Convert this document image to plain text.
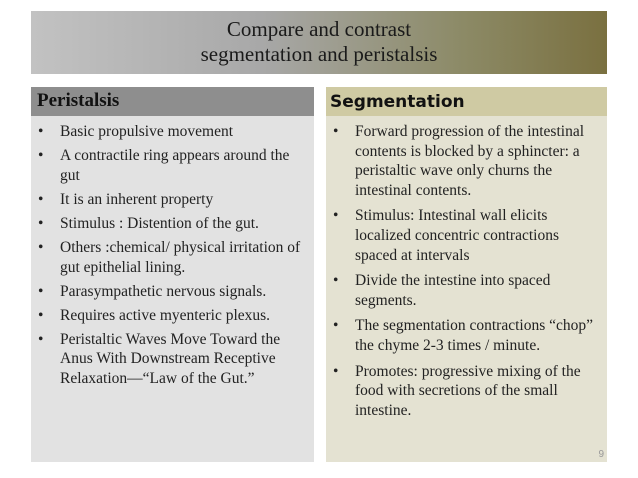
Compare and contrast
segmentation and peristalsis
Peristalsis	Segmentation
• Basic propulsive movement
• A contractile ring appears around the gut
• It is an inherent property
• Stimulus : Distention of the gut.
• Others :chemical/ physical irritation of gut epithelial lining.
• Parasympathetic nervous signals.
• Requires active myenteric plexus.
• Peristaltic Waves Move Toward the Anus With Downstream Receptive Relaxation—“Law of the Gut.”
• Forward progression of the intestinal contents is blocked by a sphincter: a peristaltic wave only churns the intestinal contents.
• Stimulus: Intestinal wall elicits localized concentric contractions spaced at intervals
• Divide the intestine into spaced segments.
• The segmentation contractions “chop” the chyme 2-3 times / minute.
• Promotes: progressive mixing of the food with secretions of the small intestine.
9
